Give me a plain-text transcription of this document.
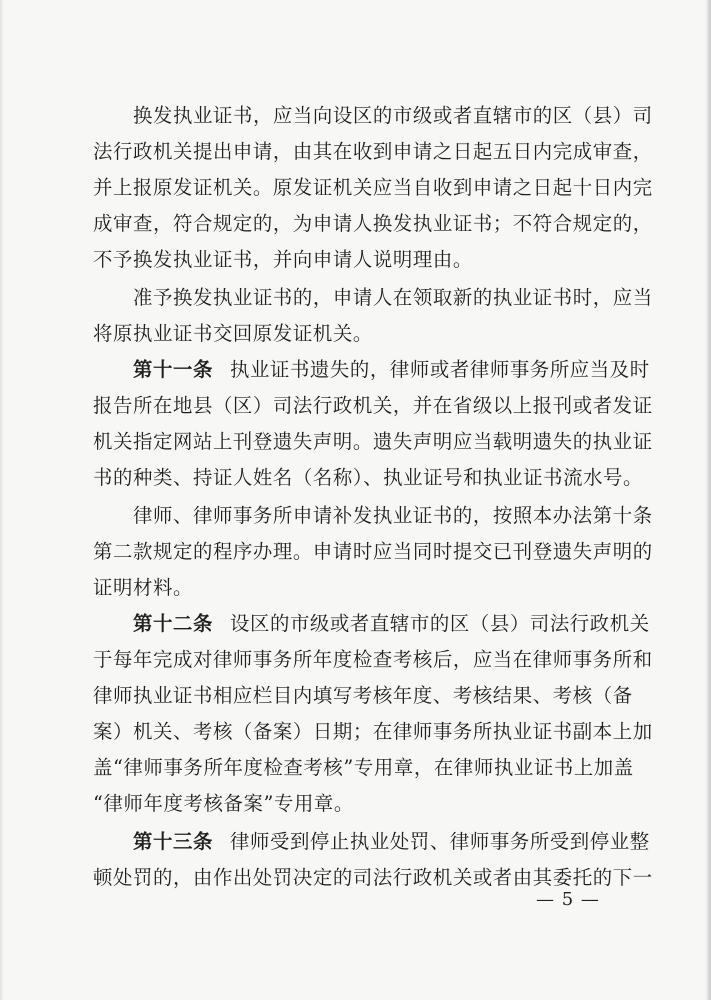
换发执业证书，应当向设区的市级或者直辖市的区（县）司
法行政机关提出申请，由其在收到申请之日起五日内完成审查，
并上报原发证机关。原发证机关应当自收到申请之日起十日内完
成审查，符合规定的，为申请人换发执业证书；不符合规定的，
不予换发执业证书，并向申请人说明理由。
准予换发执业证书的，申请人在领取新的执业证书时，应当
将原执业证书交回原发证机关。
第十一条 执业证书遗失的，律师或者律师事务所应当及时
报告所在地县（区）司法行政机关，并在省级以上报刊或者发证
机关指定网站上刊登遗失声明。遗失声明应当载明遗失的执业证
书的种类、持证人姓名（名称）、执业证号和执业证书流水号。
律师、律师事务所申请补发执业证书的，按照本办法第十条
第二款规定的程序办理。申请时应当同时提交已刊登遗失声明的
证明材料。
第十二条 设区的市级或者直辖市的区（县）司法行政机关
于每年完成对律师事务所年度检查考核后，应当在律师事务所和
律师执业证书相应栏目内填写考核年度、考核结果、考核（备
案）机关、考核（备案）日期；在律师事务所执业证书副本上加
盖“律师事务所年度检查考核”专用章，在律师执业证书上加盖
“律师年度考核备案”专用章。
第十三条 律师受到停止执业处罚、律师事务所受到停业整
顿处罚的，由作出处罚决定的司法行政机关或者由其委托的下一
— 5 —
